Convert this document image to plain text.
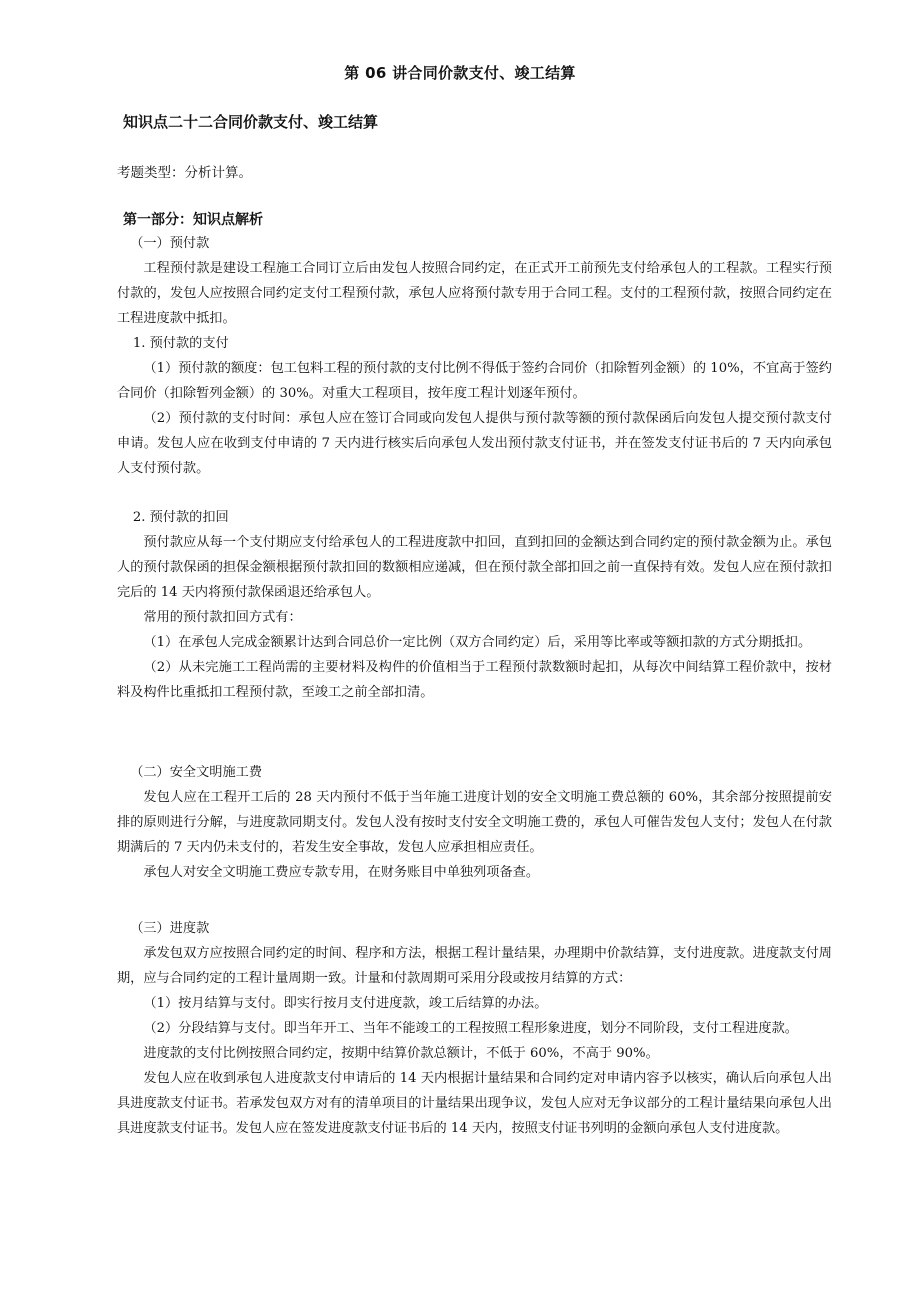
第 06 讲合同价款支付、竣工结算
知识点二十二合同价款支付、竣工结算
考题类型：分析计算。
第一部分：知识点解析

（一）预付款

工程预付款是建设工程施工合同订立后由发包人按照合同约定，在正式开工前预先支付给承包人的工程款。工程实行预付款的，发包人应按照合同约定支付工程预付款，承包人应将预付款专用于合同工程。支付的工程预付款，按照合同约定在工程进度款中抵扣。

1. 预付款的支付

（1）预付款的额度：包工包料工程的预付款的支付比例不得低于签约合同价（扣除暂列金额）的 10%，不宜高于签约合同价（扣除暂列金额）的 30%。对重大工程项目，按年度工程计划逐年预付。

（2）预付款的支付时间：承包人应在签订合同或向发包人提供与预付款等额的预付款保函后向发包人提交预付款支付申请。发包人应在收到支付申请的 7 天内进行核实后向承包人发出预付款支付证书，并在签发支付证书后的 7 天内向承包人支付预付款。

2. 预付款的扣回

预付款应从每一个支付期应支付给承包人的工程进度款中扣回，直到扣回的金额达到合同约定的预付款金额为止。承包人的预付款保函的担保金额根据预付款扣回的数额相应递减，但在预付款全部扣回之前一直保持有效。发包人应在预付款扣完后的 14 天内将预付款保函退还给承包人。

常用的预付款扣回方式有：

（1）在承包人完成金额累计达到合同总价一定比例（双方合同约定）后，采用等比率或等额扣款的方式分期抵扣。

（2）从未完施工工程尚需的主要材料及构件的价值相当于工程预付款数额时起扣，从每次中间结算工程价款中，按材料及构件比重抵扣工程预付款，至竣工之前全部扣清。

（二）安全文明施工费

发包人应在工程开工后的 28 天内预付不低于当年施工进度计划的安全文明施工费总额的 60%，其余部分按照提前安排的原则进行分解，与进度款同期支付。发包人没有按时支付安全文明施工费的，承包人可催告发包人支付；发包人在付款期满后的 7 天内仍未支付的，若发生安全事故，发包人应承担相应责任。

承包人对安全文明施工费应专款专用，在财务账目中单独列项备查。

（三）进度款

承发包双方应按照合同约定的时间、程序和方法，根据工程计量结果，办理期中价款结算，支付进度款。进度款支付周期，应与合同约定的工程计量周期一致。计量和付款周期可采用分段或按月结算的方式：

（1）按月结算与支付。即实行按月支付进度款，竣工后结算的办法。

（2）分段结算与支付。即当年开工、当年不能竣工的工程按照工程形象进度，划分不同阶段，支付工程进度款。

进度款的支付比例按照合同约定，按期中结算价款总额计，不低于 60%，不高于 90%。

发包人应在收到承包人进度款支付申请后的 14 天内根据计量结果和合同约定对申请内容予以核实，确认后向承包人出具进度款支付证书。若承发包双方对有的清单项目的计量结果出现争议，发包人应对无争议部分的工程计量结果向承包人出具进度款支付证书。发包人应在签发进度款支付证书后的 14 天内，按照支付证书列明的金额向承包人支付进度款。
